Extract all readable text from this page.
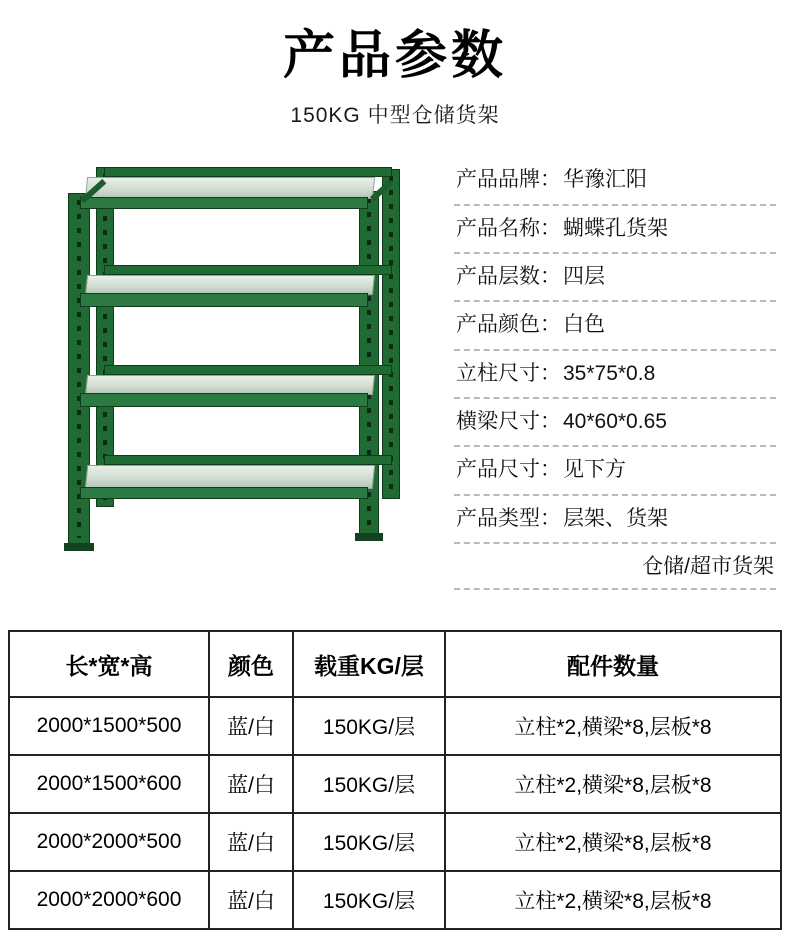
产品参数
150KG 中型仓储货架
产品品牌： 华豫汇阳
产品名称： 蝴蝶孔货架
产品层数： 四层
产品颜色： 白色
立柱尺寸： 35*75*0.8
横梁尺寸： 40*60*0.65
产品尺寸： 见下方
产品类型： 层架、货架
仓储/超市货架
长*宽*高	颜色	载重KG/层	配件数量
2000*1500*500	蓝/白	150KG/层	立柱*2,横梁*8,层板*8
2000*1500*600	蓝/白	150KG/层	立柱*2,横梁*8,层板*8
2000*2000*500	蓝/白	150KG/层	立柱*2,横梁*8,层板*8
2000*2000*600	蓝/白	150KG/层	立柱*2,横梁*8,层板*8
